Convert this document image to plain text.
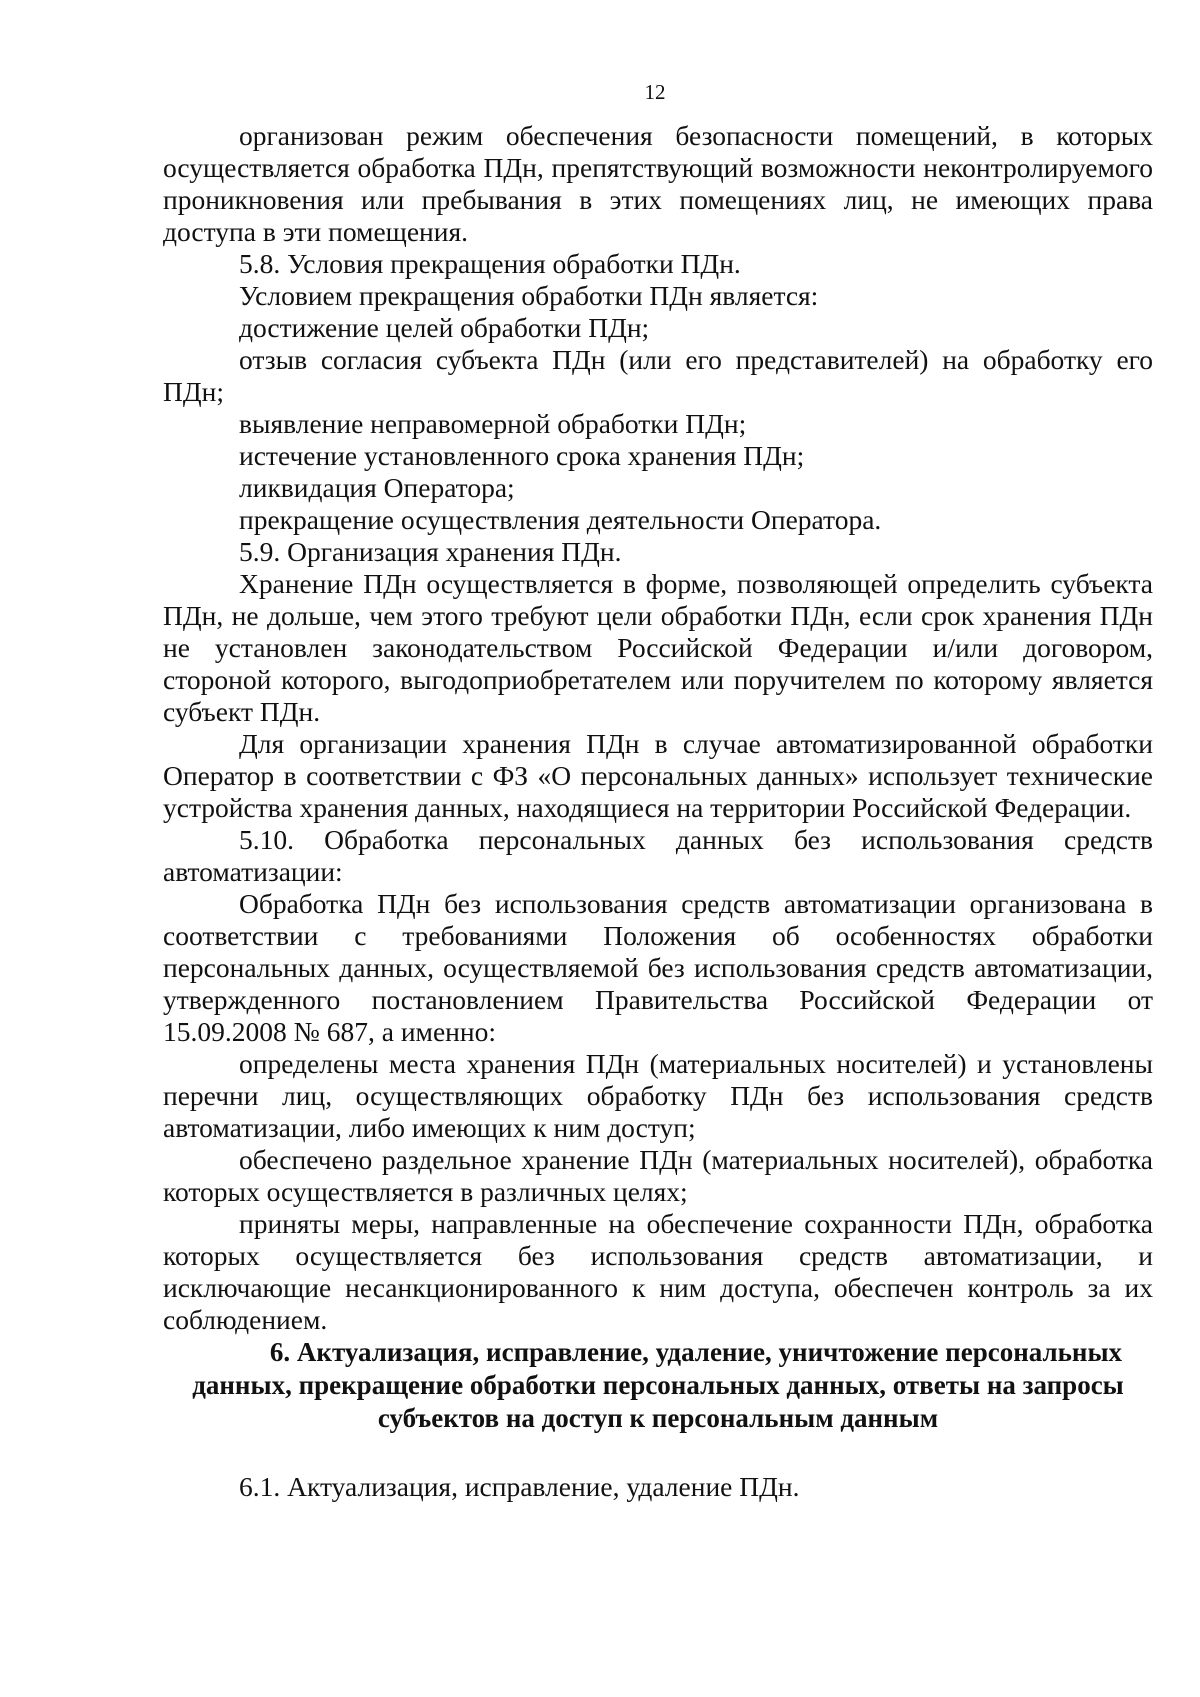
12

организован режим обеспечения безопасности помещений, в которых осуществляется обработка ПДн, препятствующий возможности неконтролируемого проникновения или пребывания в этих помещениях лиц, не имеющих права доступа в эти помещения.

5.8. Условия прекращения обработки ПДн.

Условием прекращения обработки ПДн является:

достижение целей обработки ПДн;

отзыв согласия субъекта ПДн (или его представителей) на обработку его ПДн;

выявление неправомерной обработки ПДн;

истечение установленного срока хранения ПДн;

ликвидация Оператора;

прекращение осуществления деятельности Оператора.

5.9. Организация хранения ПДн.

Хранение ПДн осуществляется в форме, позволяющей определить субъекта ПДн, не дольше, чем этого требуют цели обработки ПДн, если срок хранения ПДн не установлен законодательством Российской Федерации и/или договором, стороной которого, выгодоприобретателем или поручителем по которому является субъект ПДн.

Для организации хранения ПДн в случае автоматизированной обработки Оператор в соответствии с ФЗ «О персональных данных» использует технические устройства хранения данных, находящиеся на территории Российской Федерации.

5.10. Обработка персональных данных без использования средств автоматизации:

Обработка ПДн без использования средств автоматизации организована в соответствии с требованиями Положения об особенностях обработки персональных данных, осуществляемой без использования средств автоматизации, утвержденного постановлением Правительства Российской Федерации от 15.09.2008 № 687, а именно:

определены места хранения ПДн (материальных носителей) и установлены перечни лиц, осуществляющих обработку ПДн без использования средств автоматизации, либо имеющих к ним доступ;

обеспечено раздельное хранение ПДн (материальных носителей), обработка которых осуществляется в различных целях;

приняты меры, направленные на обеспечение сохранности ПДн, обработка которых осуществляется без использования средств автоматизации, и исключающие несанкционированного к ним доступа, обеспечен контроль за их соблюдением.

6. Актуализация, исправление, удаление, уничтожение персональных данных, прекращение обработки персональных данных, ответы на запросы субъектов на доступ к персональным данным

6.1. Актуализация, исправление, удаление ПДн.
